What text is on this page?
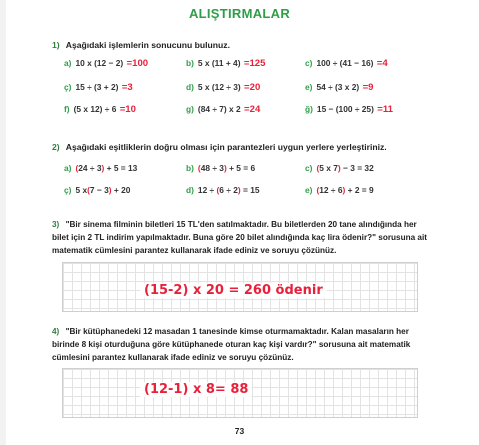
ALIŞTIRMALAR
1) Aşağıdaki işlemlerin sonucunu bulunuz.
a) 10 x (12 − 2) =100	b) 5 x (11 + 4) =125	c) 100 ÷ (41 − 16) =4
ç) 15 ÷ (3 + 2) =3	d) 5 x (12 ÷ 3) =20	e) 54 ÷ (3 x 2) =9
f) (5 x 12) ÷ 6 =10	g) (84 ÷ 7) x 2 =24	ğ) 15 − (100 ÷ 25) =11
2) Aşağıdaki eşitliklerin doğru olması için parantezleri uygun yerlere yerleştiriniz.
a) (24 ÷ 3) + 5 = 13	b) (48 ÷ 3) + 5 = 6	c) (5 x 7) − 3 = 32
ç) 5 x(7 − 3) + 20	d) 12 ÷ (6 ÷ 2) = 15	e) (12 ÷ 6) + 2 = 9
3) "Bir sinema filminin biletleri 15 TL'den satılmaktadır. Bu biletlerden 20 tane alındığında her bilet için 2 TL indirim yapılmaktadır. Buna göre 20 bilet alındığında kaç lira ödenir?" sorusuna ait matematik cümlesini parantez kullanarak ifade ediniz ve soruyu çözünüz.
(15-2) x 20 = 260 ödenir
4) "Bir kütüphanedeki 12 masadan 1 tanesinde kimse oturmamaktadır. Kalan masaların her birinde 8 kişi oturduğuna göre kütüphanede oturan kaç kişi vardır?" sorusuna ait matematik cümlesini parantez kullanarak ifade ediniz ve soruyu çözünüz.
(12-1) x 8= 88
73
